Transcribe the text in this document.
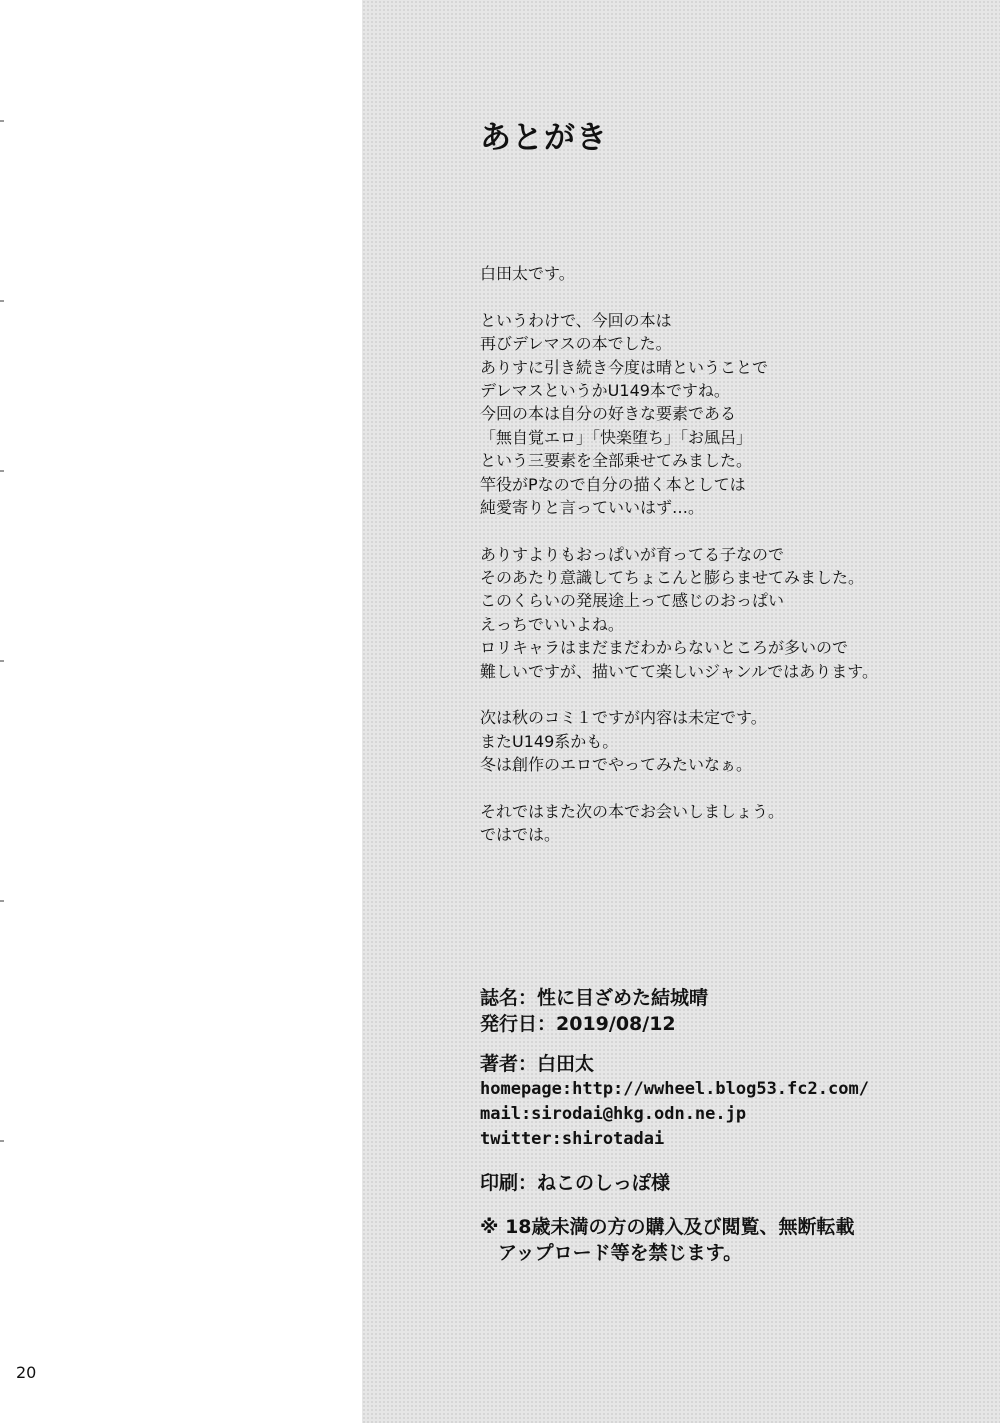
20
あとがき
白田太です。
というわけで、今回の本は
再びデレマスの本でした。
ありすに引き続き今度は晴ということで
デレマスというかU149本ですね。
今回の本は自分の好きな要素である
「無自覚エロ」「快楽堕ち」「お風呂」
という三要素を全部乗せてみました。
竿役がPなので自分の描く本としては
純愛寄りと言っていいはず…。
ありすよりもおっぱいが育ってる子なので
そのあたり意識してちょこんと膨らませてみました。
このくらいの発展途上って感じのおっぱい
えっちでいいよね。
ロリキャラはまだまだわからないところが多いので
難しいですが、描いてて楽しいジャンルではあります。
次は秋のコミ１ですが内容は未定です。
またU149系かも。
冬は創作のエロでやってみたいなぁ。
それではまた次の本でお会いしましょう。
ではでは。
誌名：性に目ざめた結城晴
発行日：2019/08/12
著者：白田太
homepage:http://wwheel.blog53.fc2.com/
mail:sirodai@hkg.odn.ne.jp
twitter:shirotadai
印刷：ねこのしっぽ様
※ 18歳未満の方の購入及び閲覧、無断転載
アップロード等を禁じます。
